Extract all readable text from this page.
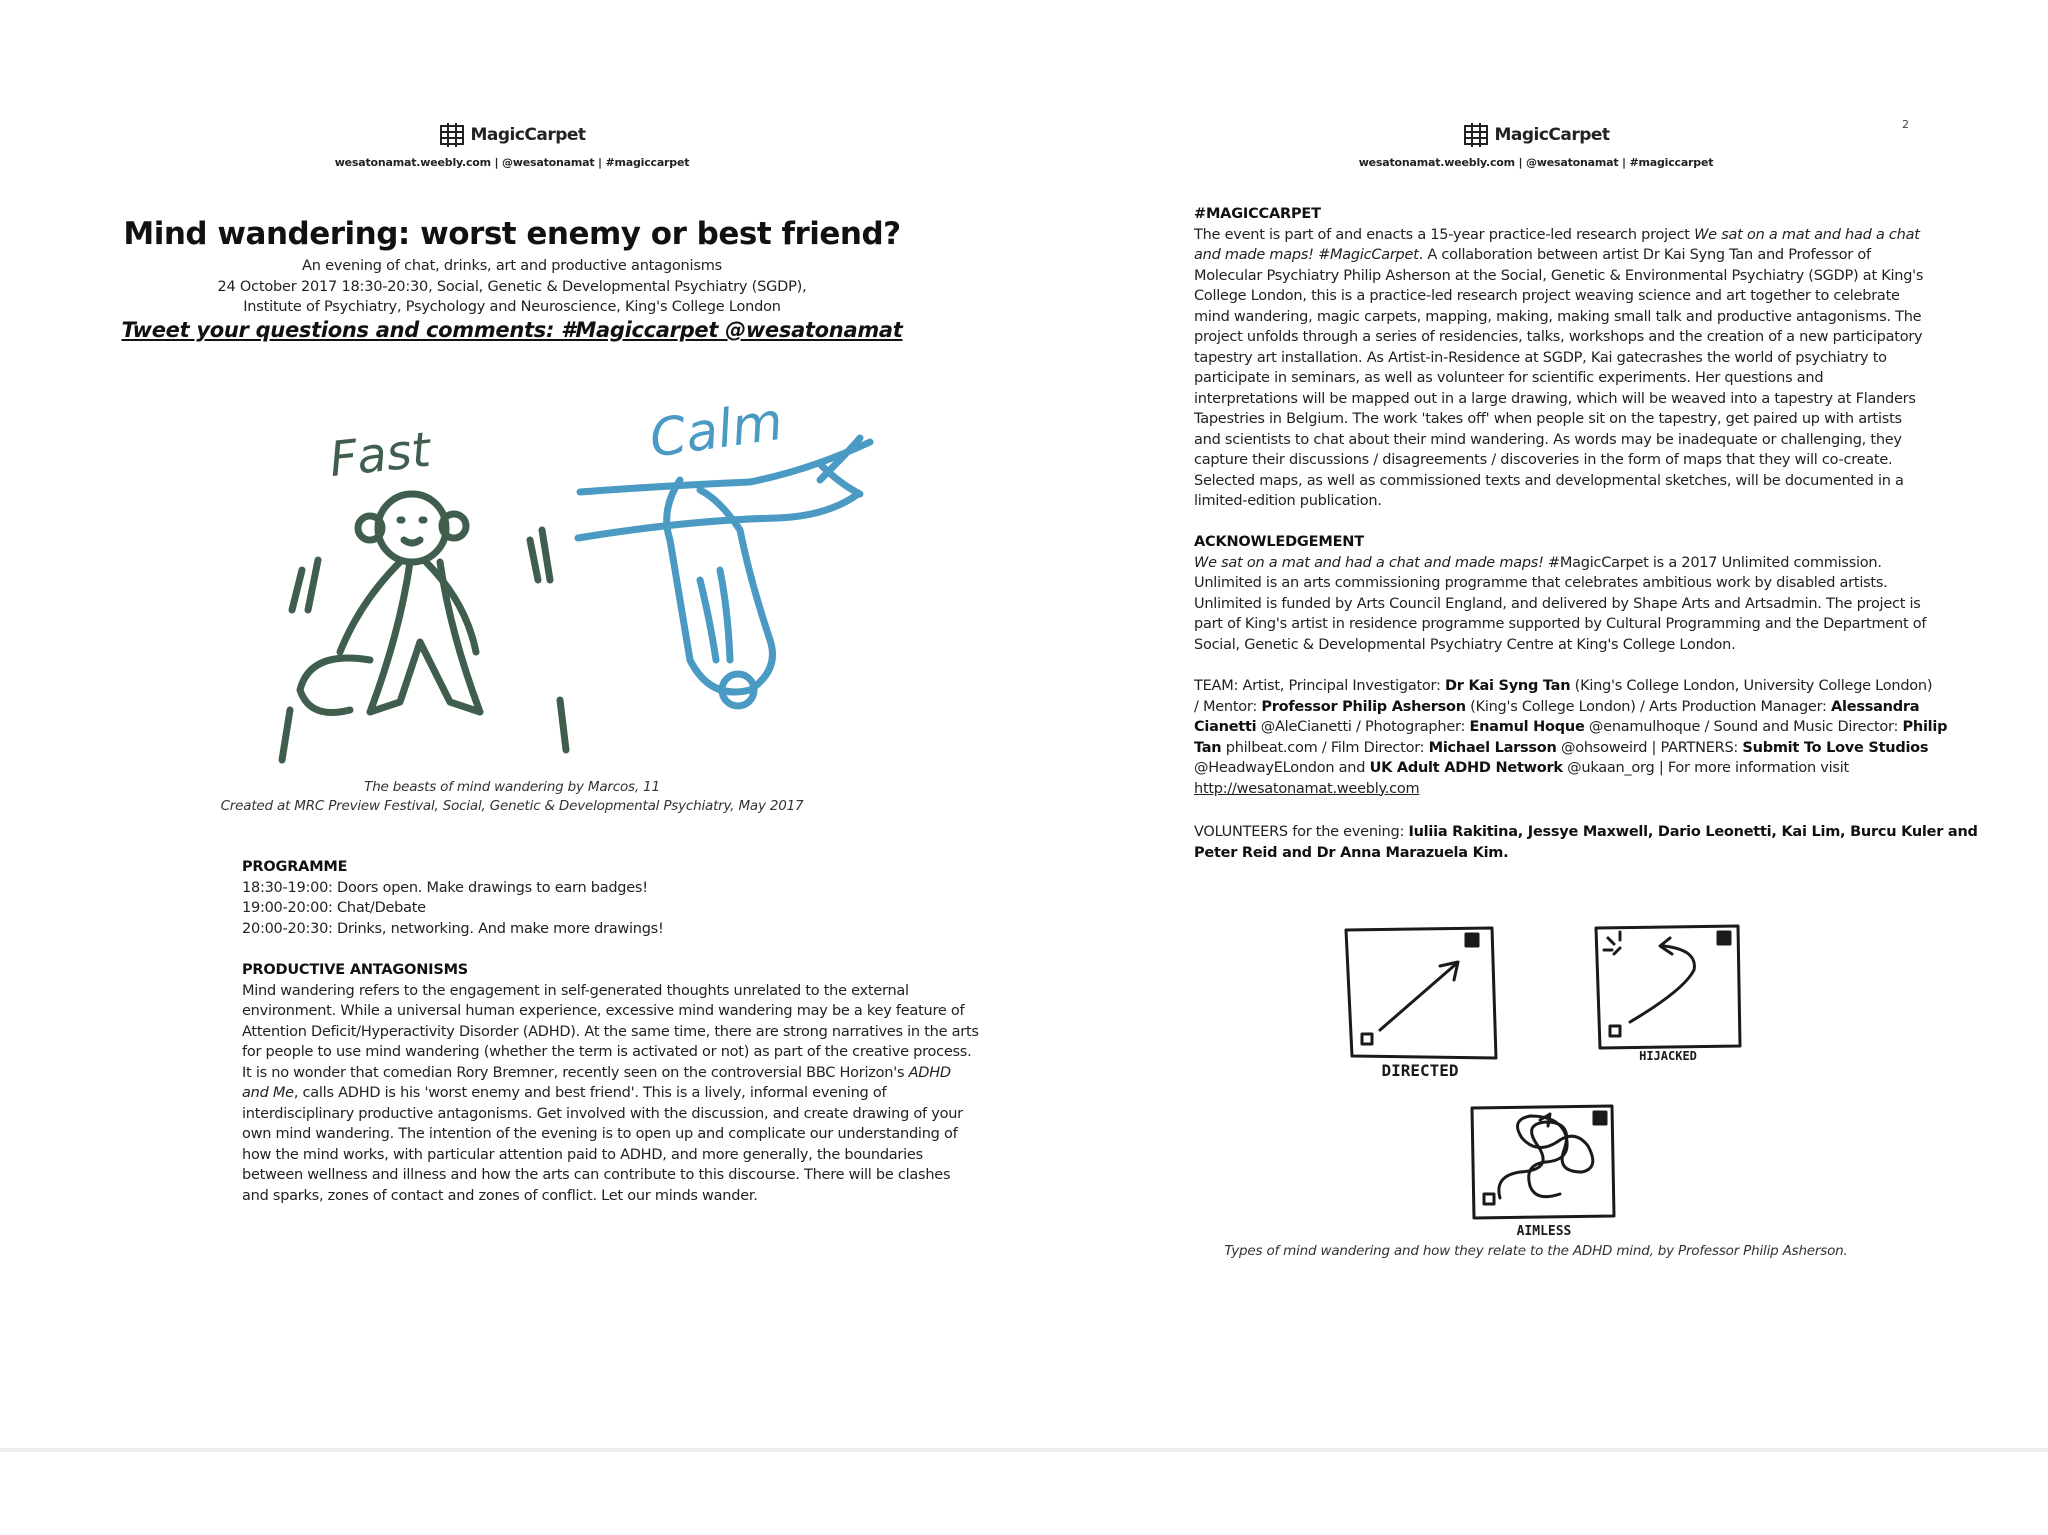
MagicCarpet
wesatonamat.weebly.com | @wesatonamat | #magiccarpet
Mind wandering: worst enemy or best friend?
An evening of chat, drinks, art and productive antagonisms
24 October 2017 18:30-20:30, Social, Genetic & Developmental Psychiatry (SGDP),
Institute of Psychiatry, Psychology and Neuroscience, King's College London
Tweet your questions and comments: #Magiccarpet @wesatonamat
Fast	Calm
The beasts of mind wandering by Marcos, 11
Created at MRC Preview Festival, Social, Genetic & Developmental Psychiatry, May 2017
PROGRAMME
18:30-19:00: Doors open. Make drawings to earn badges!
19:00-20:00: Chat/Debate
20:00-20:30: Drinks, networking. And make more drawings!
PRODUCTIVE ANTAGONISMS
Mind wandering refers to the engagement in self-generated thoughts unrelated to the external
environment. While a universal human experience, excessive mind wandering may be a key feature of
Attention Deficit/Hyperactivity Disorder (ADHD). At the same time, there are strong narratives in the arts
for people to use mind wandering (whether the term is activated or not) as part of the creative process.
It is no wonder that comedian Rory Bremner, recently seen on the controversial BBC Horizon's ADHD
and Me, calls ADHD is his 'worst enemy and best friend'. This is a lively, informal evening of
interdisciplinary productive antagonisms. Get involved with the discussion, and create drawing of your
own mind wandering. The intention of the evening is to open up and complicate our understanding of
how the mind works, with particular attention paid to ADHD, and more generally, the boundaries
between wellness and illness and how the arts can contribute to this discourse. There will be clashes
and sparks, zones of contact and zones of conflict. Let our minds wander.
MagicCarpet
wesatonamat.weebly.com | @wesatonamat | #magiccarpet
2
#MAGICCARPET
The event is part of and enacts a 15-year practice-led research project We sat on a mat and had a chat
and made maps! #MagicCarpet. A collaboration between artist Dr Kai Syng Tan and Professor of
Molecular Psychiatry Philip Asherson at the Social, Genetic & Environmental Psychiatry (SGDP) at King's
College London, this is a practice-led research project weaving science and art together to celebrate
mind wandering, magic carpets, mapping, making, making small talk and productive antagonisms. The
project unfolds through a series of residencies, talks, workshops and the creation of a new participatory
tapestry art installation. As Artist-in-Residence at SGDP, Kai gatecrashes the world of psychiatry to
participate in seminars, as well as volunteer for scientific experiments. Her questions and
interpretations will be mapped out in a large drawing, which will be weaved into a tapestry at Flanders
Tapestries in Belgium. The work 'takes off' when people sit on the tapestry, get paired up with artists
and scientists to chat about their mind wandering. As words may be inadequate or challenging, they
capture their discussions / disagreements / discoveries in the form of maps that they will co-create.
Selected maps, as well as commissioned texts and developmental sketches, will be documented in a
limited-edition publication.
ACKNOWLEDGEMENT
We sat on a mat and had a chat and made maps! #MagicCarpet is a 2017 Unlimited commission.
Unlimited is an arts commissioning programme that celebrates ambitious work by disabled artists.
Unlimited is funded by Arts Council England, and delivered by Shape Arts and Artsadmin. The project is
part of King's artist in residence programme supported by Cultural Programming and the Department of
Social, Genetic & Developmental Psychiatry Centre at King's College London.
TEAM: Artist, Principal Investigator: Dr Kai Syng Tan (King's College London, University College London)
/ Mentor: Professor Philip Asherson (King's College London) / Arts Production Manager: Alessandra
Cianetti @AleCianetti / Photographer: Enamul Hoque @enamulhoque / Sound and Music Director: Philip
Tan philbeat.com / Film Director: Michael Larsson @ohsoweird | PARTNERS: Submit To Love Studios
@HeadwayELondon and UK Adult ADHD Network @ukaan_org | For more information visit
http://wesatonamat.weebly.com
VOLUNTEERS for the evening: Iuliia Rakitina, Jessye Maxwell, Dario Leonetti, Kai Lim, Burcu Kuler and
Peter Reid and Dr Anna Marazuela Kim.
DIRECTED
HIJACKED
AIMLESS
Types of mind wandering and how they relate to the ADHD mind, by Professor Philip Asherson.
